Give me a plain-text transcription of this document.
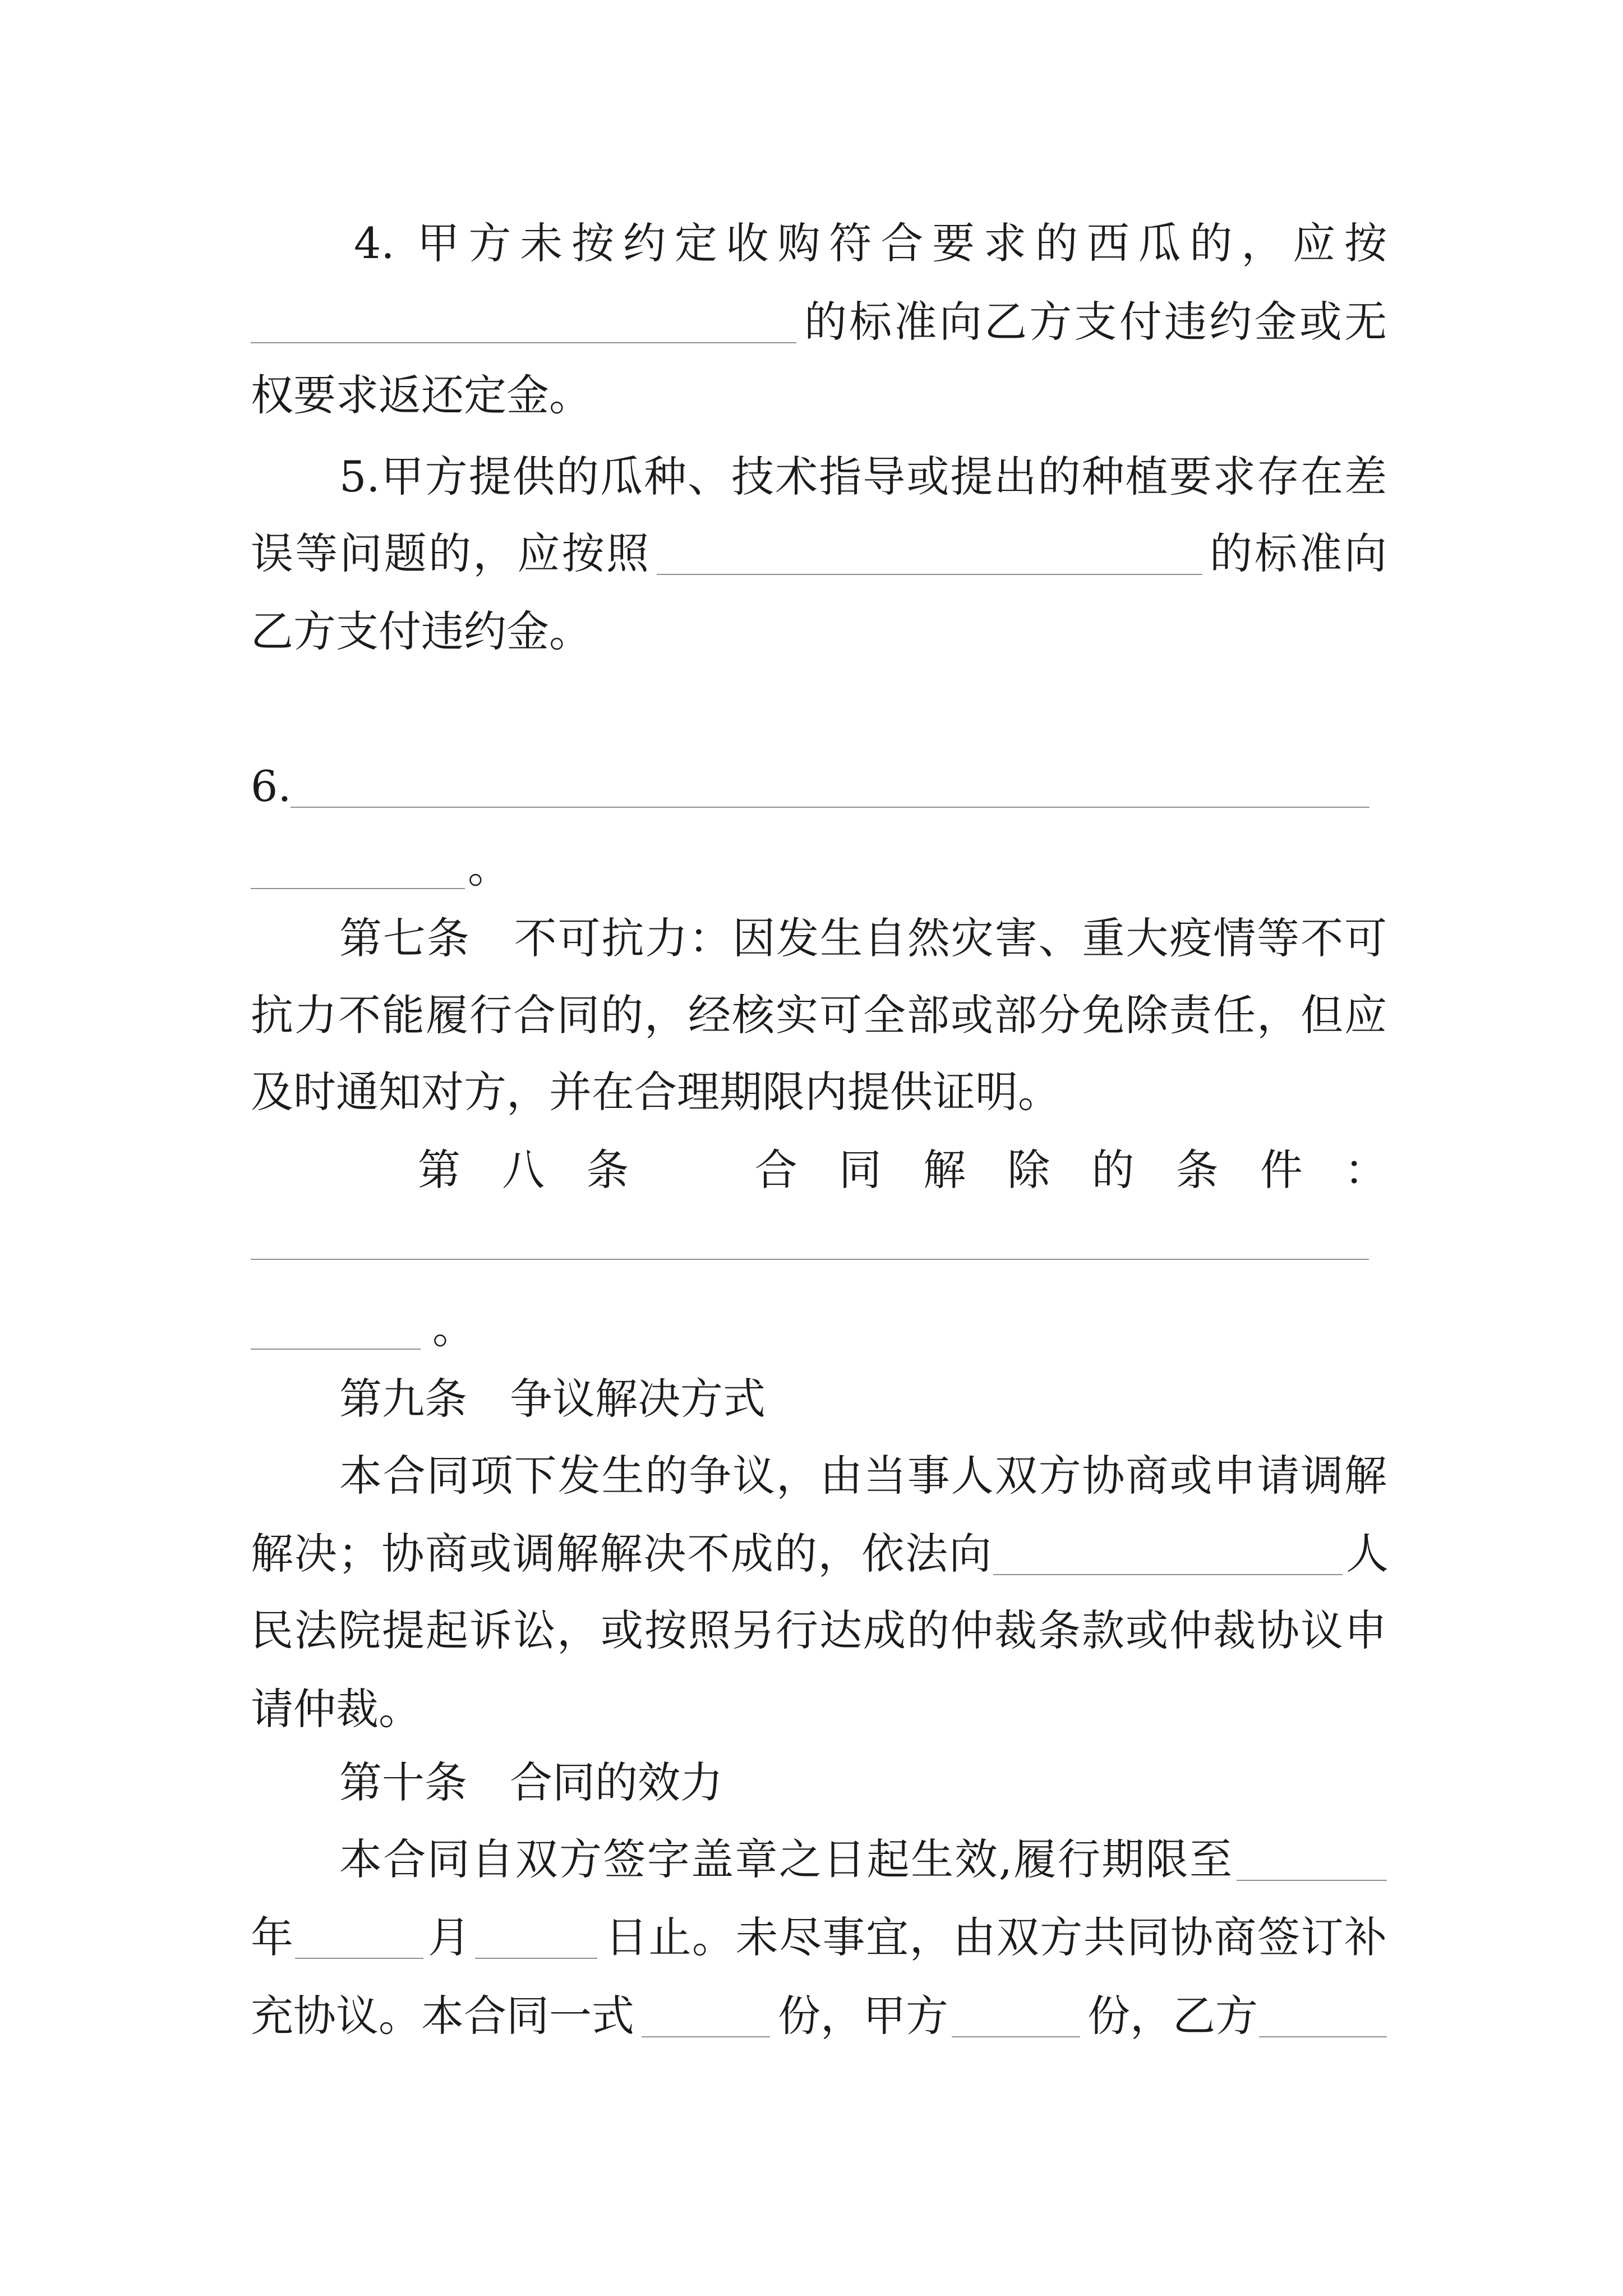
4. 甲方未按约定收购符合要求的西瓜的，应按
的标准向乙方支付违约金或无
权要求返还定金。
5.甲方提供的瓜种、技术指导或提出的种植要求存在差
误等问题的，应按照	的标准向
乙方支付违约金。
6.
。
第七条　不可抗力：因发生自然灾害、重大疫情等不可
抗力不能履行合同的，经核实可全部或部分免除责任，但应
及时通知对方，并在合理期限内提供证明。
第八条　合同解除的条件：
。
第九条　争议解决方式
本合同项下发生的争议，由当事人双方协商或申请调解
解决；协商或调解解决不成的，依法向	人
民法院提起诉讼，或按照另行达成的仲裁条款或仲裁协议申
请仲裁。
第十条　合同的效力
本合同自双方签字盖章之日起生效,履行期限至
年	月	日止。未尽事宜，由双方共同协商签订补
充协议。本合同一式	份，甲方	份，乙方
